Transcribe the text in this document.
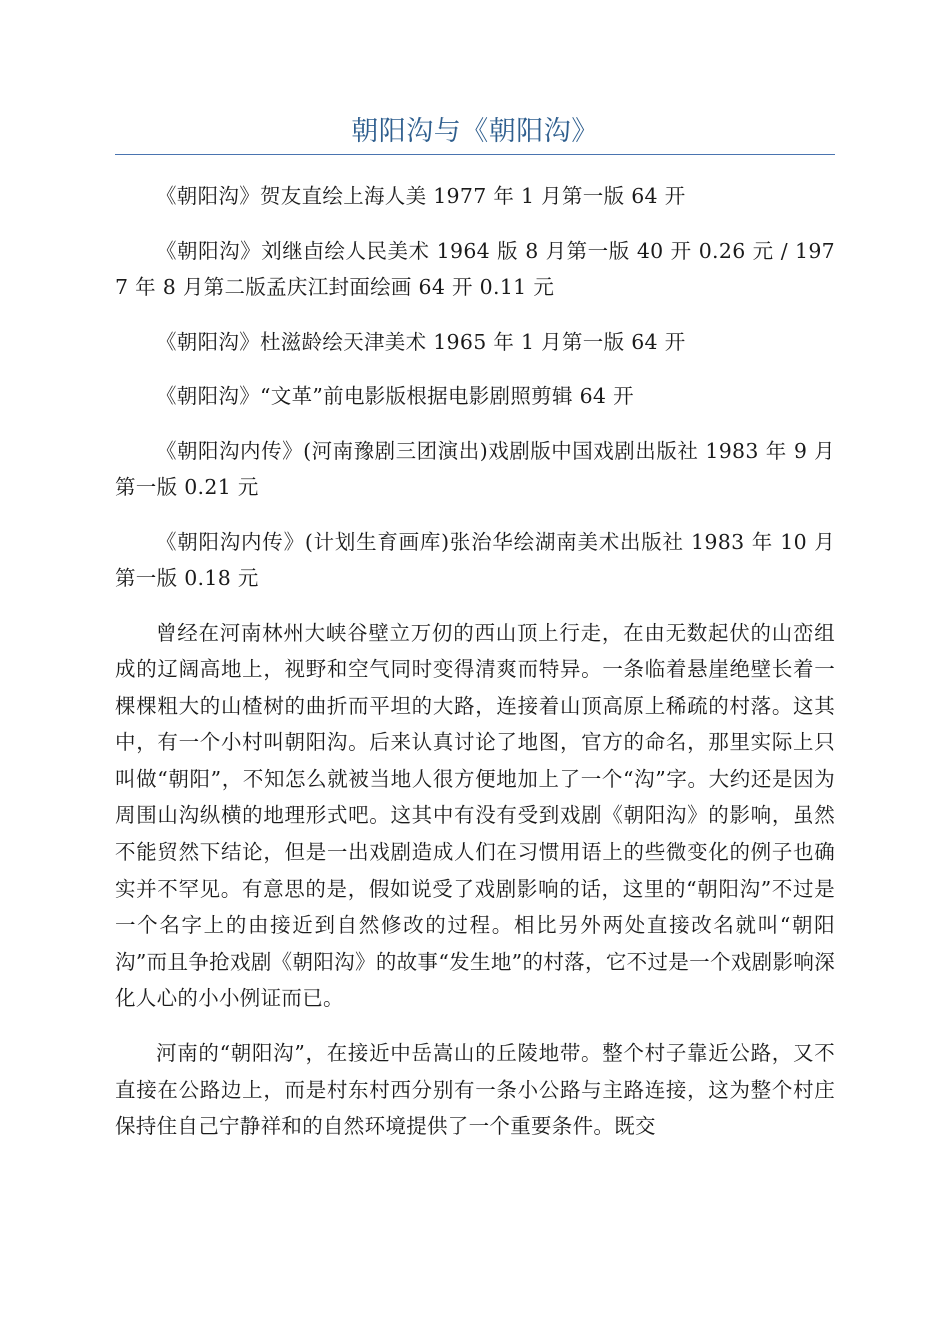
朝阳沟与《朝阳沟》

《朝阳沟》贺友直绘上海人美 1977 年 1 月第一版 64 开

《朝阳沟》刘继卣绘人民美术 1964 版 8 月第一版 40 开 0.26 元 / 1977 年 8 月第二版孟庆江封面绘画 64 开 0.11 元

《朝阳沟》杜滋龄绘天津美术 1965 年 1 月第一版 64 开

《朝阳沟》“文革”前电影版根据电影剧照剪辑 64 开

《朝阳沟内传》(河南豫剧三团演出)戏剧版中国戏剧出版社 1983 年 9 月第一版 0.21 元

《朝阳沟内传》(计划生育画库)张治华绘湖南美术出版社 1983 年 10 月第一版 0.18 元

曾经在河南林州大峡谷壁立万仞的西山顶上行走，在由无数起伏的山峦组成的辽阔高地上，视野和空气同时变得清爽而特异。一条临着悬崖绝壁长着一棵棵粗大的山楂树的曲折而平坦的大路，连接着山顶高原上稀疏的村落。这其中，有一个小村叫朝阳沟。后来认真讨论了地图，官方的命名，那里实际上只叫做“朝阳”，不知怎么就被当地人很方便地加上了一个“沟”字。大约还是因为周围山沟纵横的地理形式吧。这其中有没有受到戏剧《朝阳沟》的影响，虽然不能贸然下结论，但是一出戏剧造成人们在习惯用语上的些微变化的例子也确实并不罕见。有意思的是，假如说受了戏剧影响的话，这里的“朝阳沟”不过是一个名字上的由接近到自然修改的过程。相比另外两处直接改名就叫“朝阳沟”而且争抢戏剧《朝阳沟》的故事“发生地”的村落，它不过是一个戏剧影响深化人心的小小例证而已。

河南的“朝阳沟”，在接近中岳嵩山的丘陵地带。整个村子靠近公路，又不直接在公路边上，而是村东村西分别有一条小公路与主路连接，这为整个村庄保持住自己宁静祥和的自然环境提供了一个重要条件。既交
